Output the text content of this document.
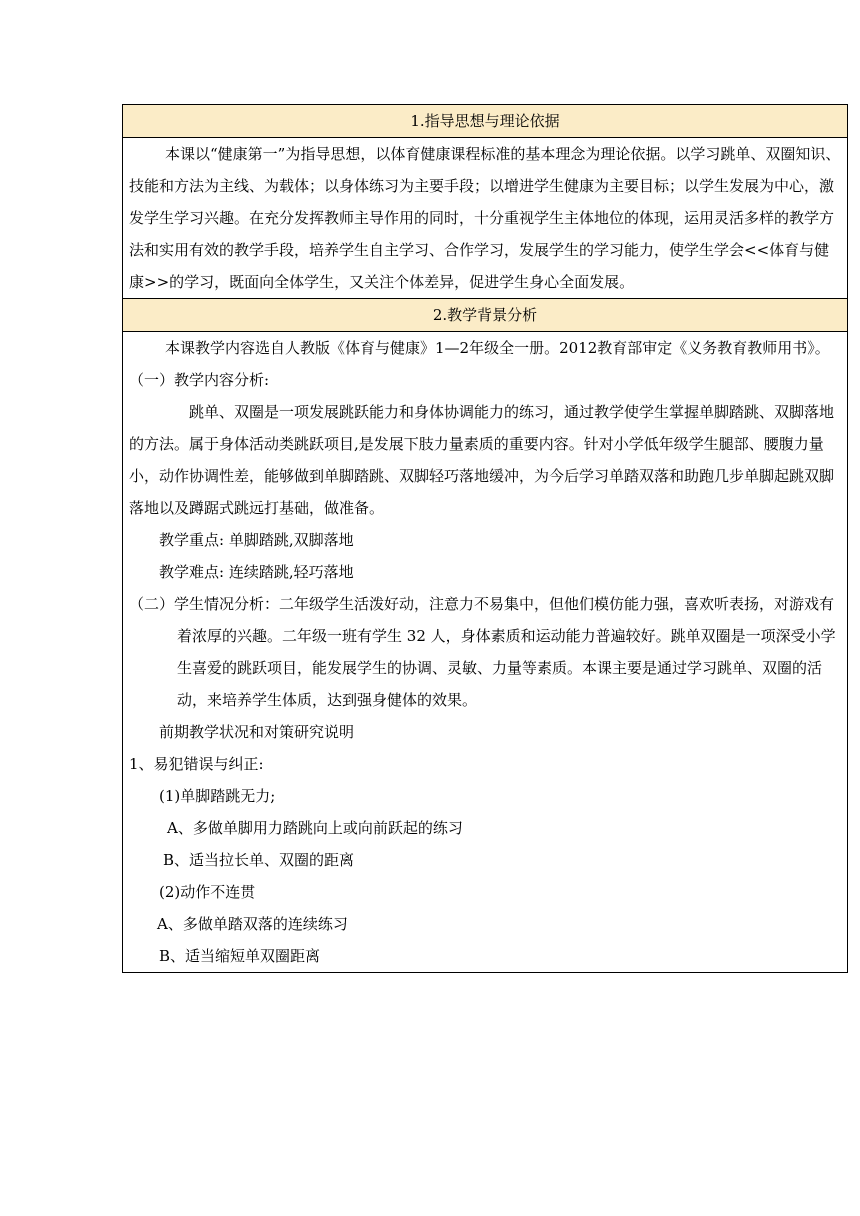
1.指导思想与理论依据

本课以“健康第一”为指导思想，以体育健康课程标准的基本理念为理论依据。以学习跳单、双圈知识、技能和方法为主线、为载体；以身体练习为主要手段；以增进学生健康为主要目标；以学生发展为中心，激发学生学习兴趣。在充分发挥教师主导作用的同时，十分重视学生主体地位的体现，运用灵活多样的教学方法和实用有效的教学手段，培养学生自主学习、合作学习，发展学生的学习能力，使学生学会<<体育与健康>>的学习，既面向全体学生，又关注个体差异，促进学生身心全面发展。

2.教学背景分析

本课教学内容选自人教版《体育与健康》1—2年级全一册。2012教育部审定《义务教育教师用书》。

（一）教学内容分析:

跳单、双圈是一项发展跳跃能力和身体协调能力的练习，通过教学使学生掌握单脚踏跳、双脚落地的方法。属于身体活动类跳跃项目,是发展下肢力量素质的重要内容。针对小学低年级学生腿部、腰腹力量小，动作协调性差，能够做到单脚踏跳、双脚轻巧落地缓冲，为今后学习单踏双落和助跑几步单脚起跳双脚落地以及蹲踞式跳远打基础，做准备。

教学重点: 单脚踏跳,双脚落地

教学难点: 连续踏跳,轻巧落地

（二）学生情况分析：二年级学生活泼好动，注意力不易集中，但他们模仿能力强，喜欢听表扬，对游戏有着浓厚的兴趣。二年级一班有学生 32 人，身体素质和运动能力普遍较好。跳单双圈是一项深受小学生喜爱的跳跃项目，能发展学生的协调、灵敏、力量等素质。本课主要是通过学习跳单、双圈的活动，来培养学生体质，达到强身健体的效果。

前期教学状况和对策研究说明

1、易犯错误与纠正:

(1)单脚踏跳无力;

A、多做单脚用力踏跳向上或向前跃起的练习

B、适当拉长单、双圈的距离

(2)动作不连贯

A、多做单踏双落的连续练习

B、适当缩短单双圈距离
